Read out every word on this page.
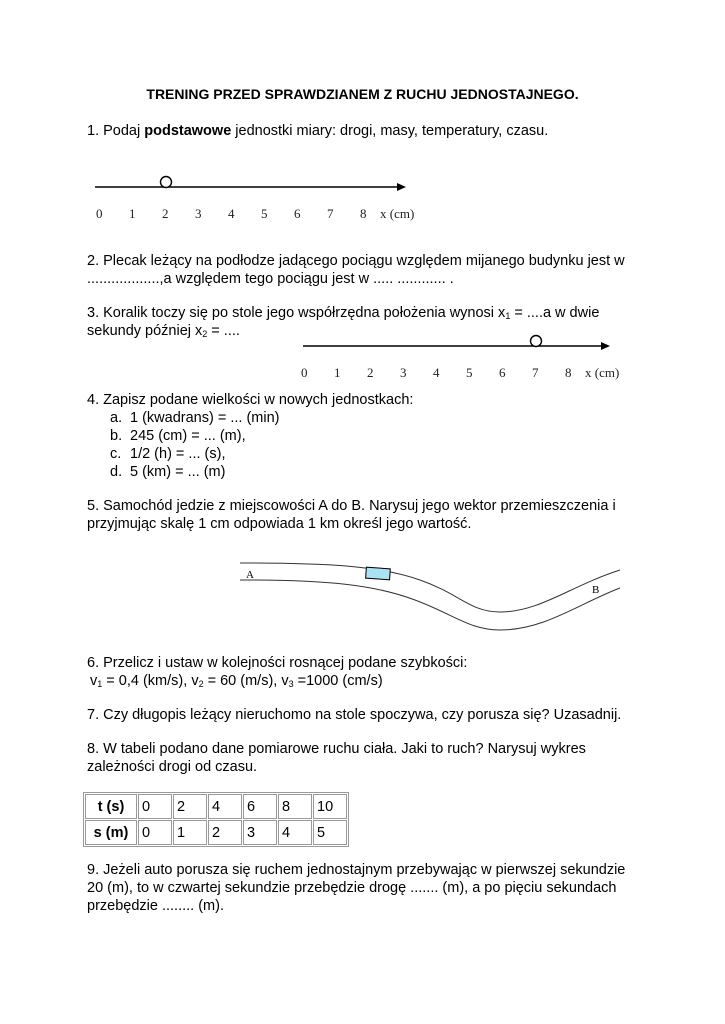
TRENING PRZED SPRAWDZIANEM Z RUCHU JEDNOSTAJNEGO.
1. Podaj podstawowe jednostki miary: drogi, masy, temperatury, czasu.
0 1 2 3 4 5 6 7 8 x (cm)
2. Plecak leżący na podłodze jadącego pociągu względem mijanego budynku jest w
..................,a względem tego pociągu jest w ..... ............ .
3. Koralik toczy się po stole jego współrzędna położenia wynosi $x_1 = ....a$ w dwie
sekundy później $x_2$ = ....
0 1 2 3 4 5 6 7 8 x (cm)
4. Zapisz podane wielkości w nowych jednostkach:
a. 1 (kwadrans) = ... (min)
b. 245 (cm) = ... (m),
c. 1/2 (h) = ... (s),
d. 5 (km) = ... (m)
5. Samochód jedzie z miejscowości A do B. Narysuj jego wektor przemieszczenia i
przyjmując skalę 1 cm odpowiada 1 km określ jego wartość.
A
B
6. Przelicz i ustaw w kolejności rosnącej podane szybkości:
$v_1 = 0,4$ (km/s), $v_2 = 60$ (m/s), $v_3 =1000$ (cm/s)
7. Czy długopis leżący nieruchomo na stole spoczywa, czy porusza się? Uzasadnij.
8. W tabeli podano dane pomiarowe ruchu ciała. Jaki to ruch? Narysuj wykres
zależności drogi od czasu.
t (s)	0	2	4	6	8	10
s (m)	0	1	2	3	4	5
9. Jeżeli auto porusza się ruchem jednostajnym przebywając w pierwszej sekundzie
20 (m), to w czwartej sekundzie przebędzie drogę ....... (m), a po pięciu sekundach
przebędzie ........ (m).
